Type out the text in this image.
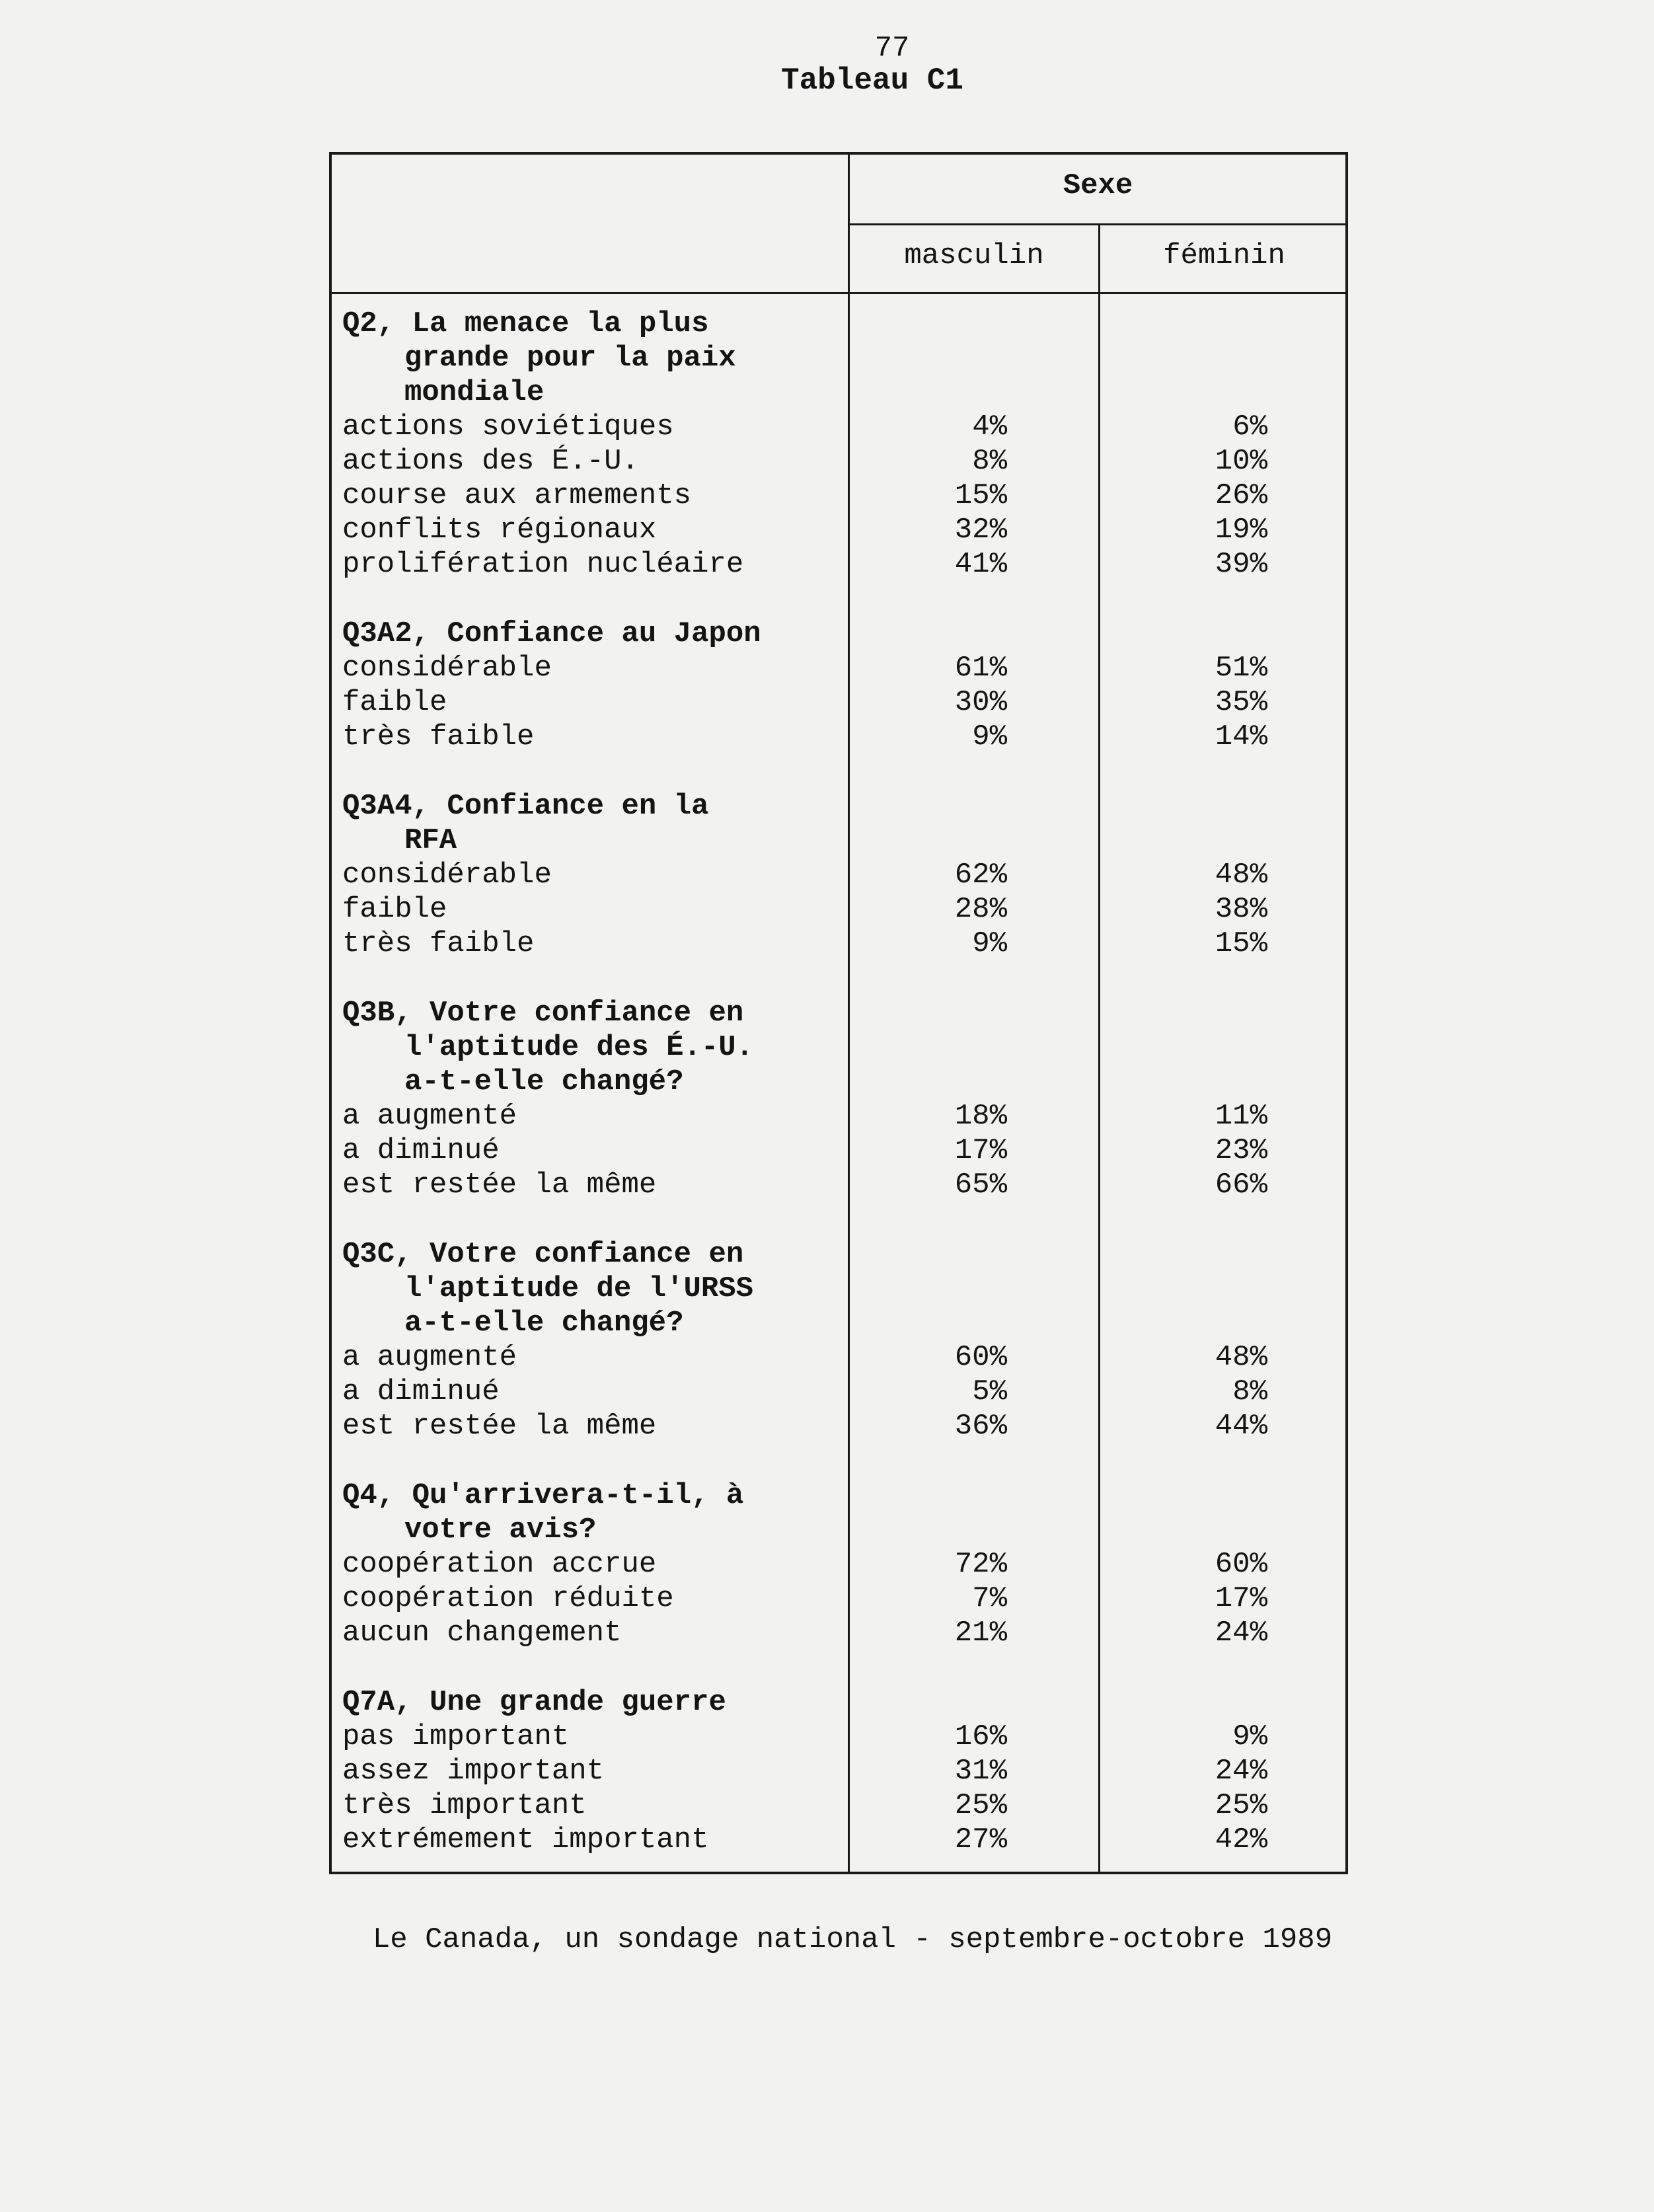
77
Tableau C1
Sexe
masculin	féminin
Q2, La menace la plus
grande pour la paix
mondiale
actions soviétiques	4%	6%
actions des É.-U.	8%	10%
course aux armements	15%	26%
conflits régionaux	32%	19%
prolifération nucléaire	41%	39%
Q3A2, Confiance au Japon
considérable	61%	51%
faible	30%	35%
très faible	9%	14%
Q3A4, Confiance en la
RFA
considérable	62%	48%
faible	28%	38%
très faible	9%	15%
Q3B, Votre confiance en
l'aptitude des É.-U.
a-t-elle changé?
a augmenté	18%	11%
a diminué	17%	23%
est restée la même	65%	66%
Q3C, Votre confiance en
l'aptitude de l'URSS
a-t-elle changé?
a augmenté	60%	48%
a diminué	5%	8%
est restée la même	36%	44%
Q4, Qu'arrivera-t-il, à
votre avis?
coopération accrue	72%	60%
coopération réduite	7%	17%
aucun changement	21%	24%
Q7A, Une grande guerre
pas important	16%	9%
assez important	31%	24%
très important	25%	25%
extrémement important	27%	42%
Le Canada, un sondage national - septembre-octobre 1989
